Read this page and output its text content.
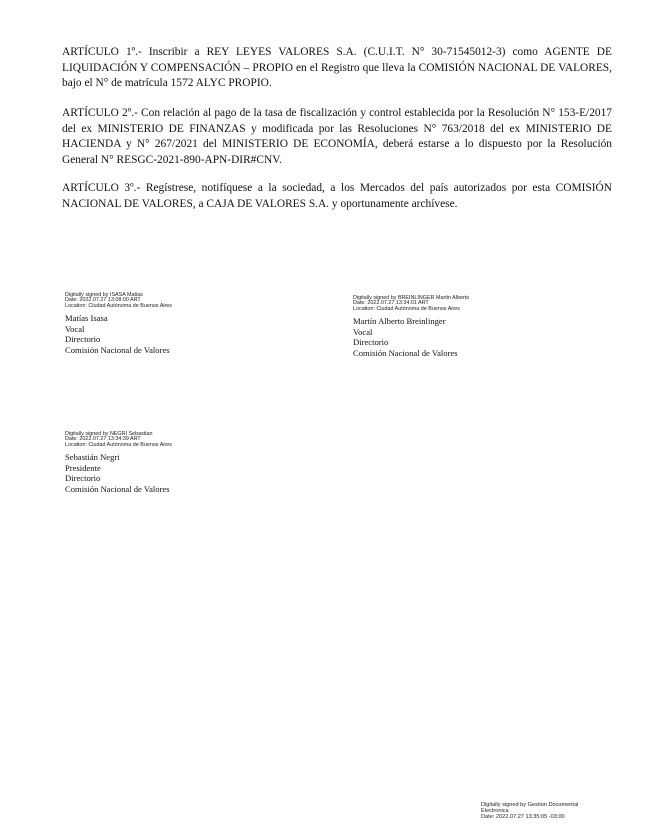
ARTÍCULO 1º.- Inscribir a REY LEYES VALORES S.A. (C.U.I.T. N° 30-71545012-3) como AGENTE DE LIQUIDACIÓN Y COMPENSACIÓN – PROPIO en el Registro que lleva la COMISIÓN NACIONAL DE VALORES, bajo el N° de matrícula 1572 ALYC PROPIO.

ARTÍCULO 2º.- Con relación al pago de la tasa de fiscalización y control establecida por la Resolución N° 153-E/2017 del ex MINISTERIO DE FINANZAS y modificada por las Resoluciones N° 763/2018 del ex MINISTERIO DE HACIENDA y N° 267/2021 del MINISTERIO DE ECONOMÍA, deberá estarse a lo dispuesto por la Resolución General N° RESGC-2021-890-APN-DIR#CNV.

ARTÍCULO 3º.- Regístrese, notifíquese a la sociedad, a los Mercados del país autorizados por esta COMISIÓN NACIONAL DE VALORES, a CAJA DE VALORES S.A. y oportunamente archívese.

Digitally signed by ISASA Matias
Date: 2022.07.27 13:08:00 ART
Location: Ciudad Autónoma de Buenos Aires
Matías Isasa
Vocal
Directorio
Comisión Nacional de Valores
Digitally signed by BREINLINGER Martin Alberto
Date: 2022.07.27 13:34:01 ART
Location: Ciudad Autónoma de Buenos Aires
Martín Alberto Breinlinger
Vocal
Directorio
Comisión Nacional de Valores
Digitally signed by NEGRI Sebastian
Date: 2022.07.27 13:34:39 ART
Location: Ciudad Autónoma de Buenos Aires
Sebastián Negri
Presidente
Directorio
Comisión Nacional de Valores
Digitally signed by Gestion Documental
Electronica
Date: 2022.07.27 13:35:05 -03:00
